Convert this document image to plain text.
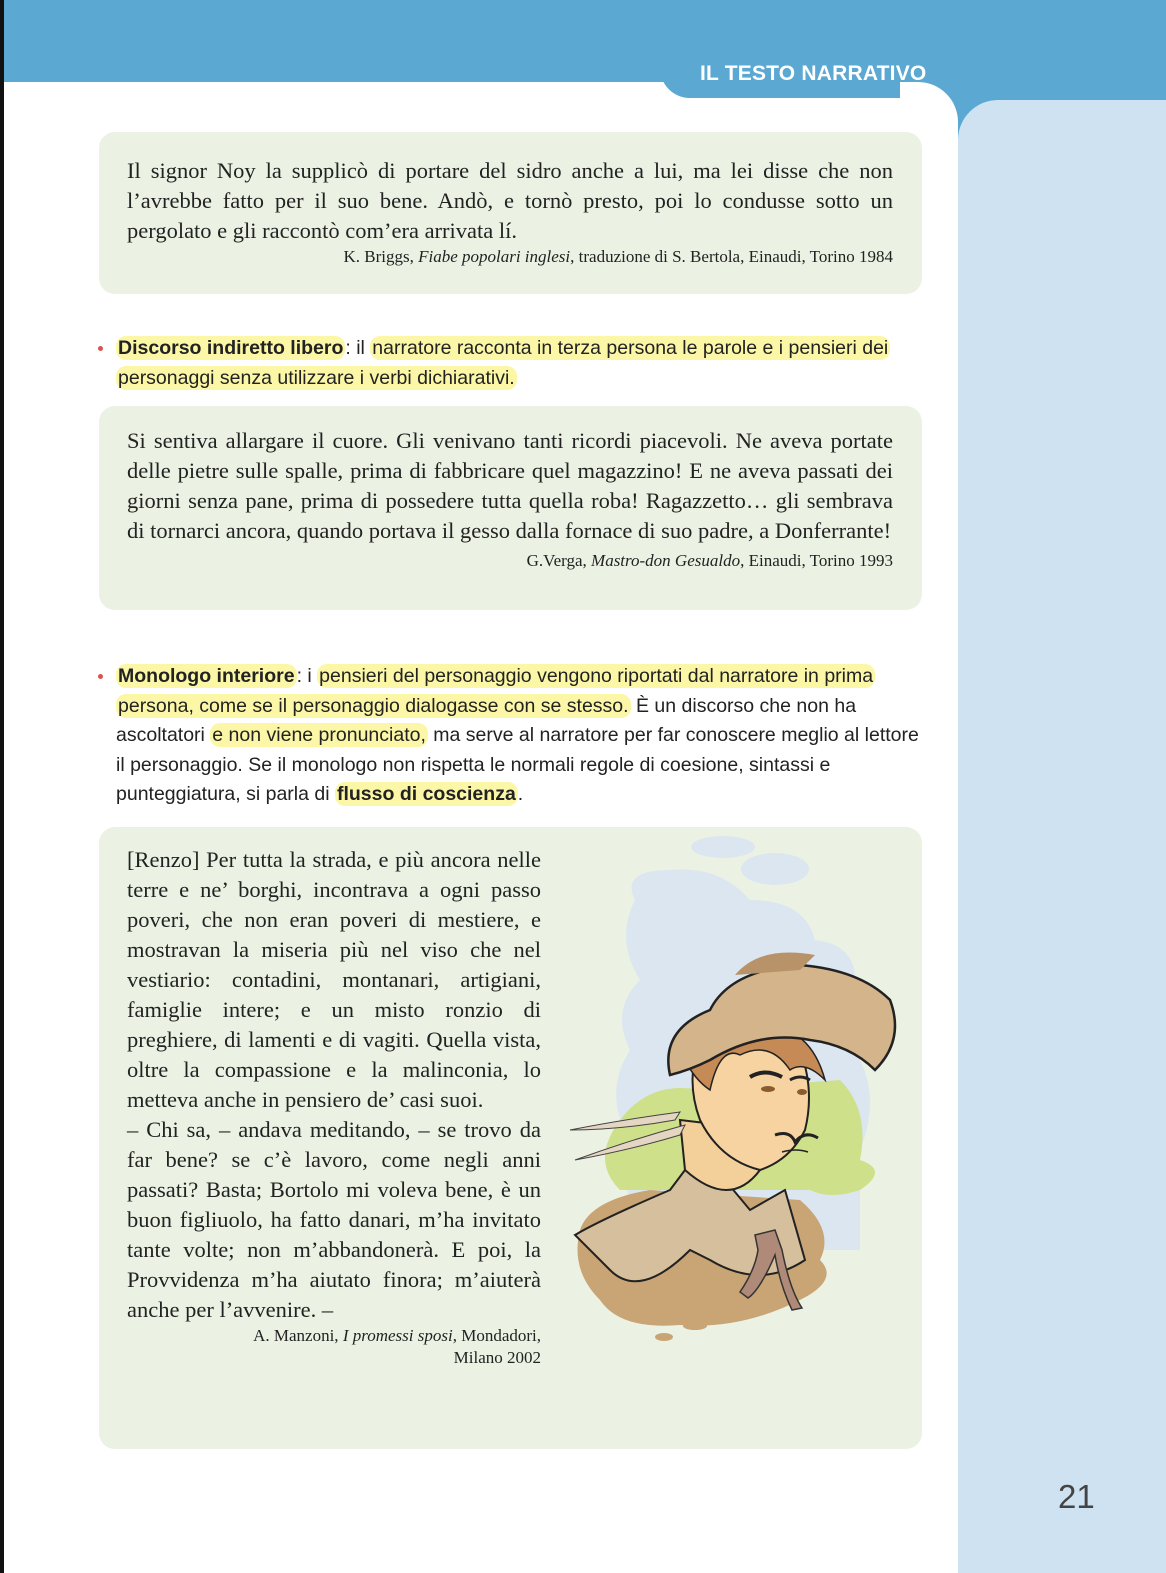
IL TESTO NARRATIVO
Il signor Noy la supplicò di portare del sidro anche a lui, ma lei disse che non l’avrebbe fatto per il suo bene. Andò, e tornò presto, poi lo condusse sotto un pergolato e gli raccontò com’era arrivata lí.
K. Briggs, Fiabe popolari inglesi, traduzione di S. Bertola, Einaudi, Torino 1984
Discorso indiretto libero : il narratore racconta in terza persona le parole e i pensieri dei personaggi senza utilizzare i verbi dichiarativi.
Si sentiva allargare il cuore. Gli venivano tanti ricordi piacevoli. Ne aveva portate delle pietre sulle spalle, prima di fabbricare quel magazzino! E ne aveva passati dei giorni senza pane, prima di possedere tutta quella roba! Ragazzetto… gli sembrava di tornarci ancora, quando portava il gesso dalla fornace di suo padre, a Donferrante!
G.Verga, Mastro-don Gesualdo, Einaudi, Torino 1993
Monologo interiore : i pensieri del personaggio vengono riportati dal narratore in prima persona, come se il personaggio dialogasse con se stesso. È un discorso che non ha ascoltatori e non viene pronunciato, ma serve al narratore per far conoscere meglio al lettore il personaggio. Se il monologo non rispetta le normali regole di coesione, sintassi e punteggiatura, si parla di flusso di coscienza .
[Renzo] Per tutta la strada, e più ancora nelle terre e ne’ borghi, incontrava a ogni passo poveri, che non eran poveri di mestiere, e mostravan la miseria più nel viso che nel vestiario: contadini, montanari, artigiani, famiglie intere; e un misto ronzio di preghiere, di lamenti e di vagiti. Quella vista, oltre la compassione e la malinconia, lo metteva anche in pensiero de’ casi suoi.
– Chi sa, – andava meditando, – se trovo da far bene? se c’è lavoro, come negli anni passati? Basta; Bortolo mi voleva bene, è un buon figliuolo, ha fatto danari, m’ha invitato tante volte; non m’abbandonerà. E poi, la Provvidenza m’ha aiutato finora; m’aiuterà anche per l’avvenire. –
A. Manzoni, I promessi sposi, Mondadori,
Milano 2002
21
